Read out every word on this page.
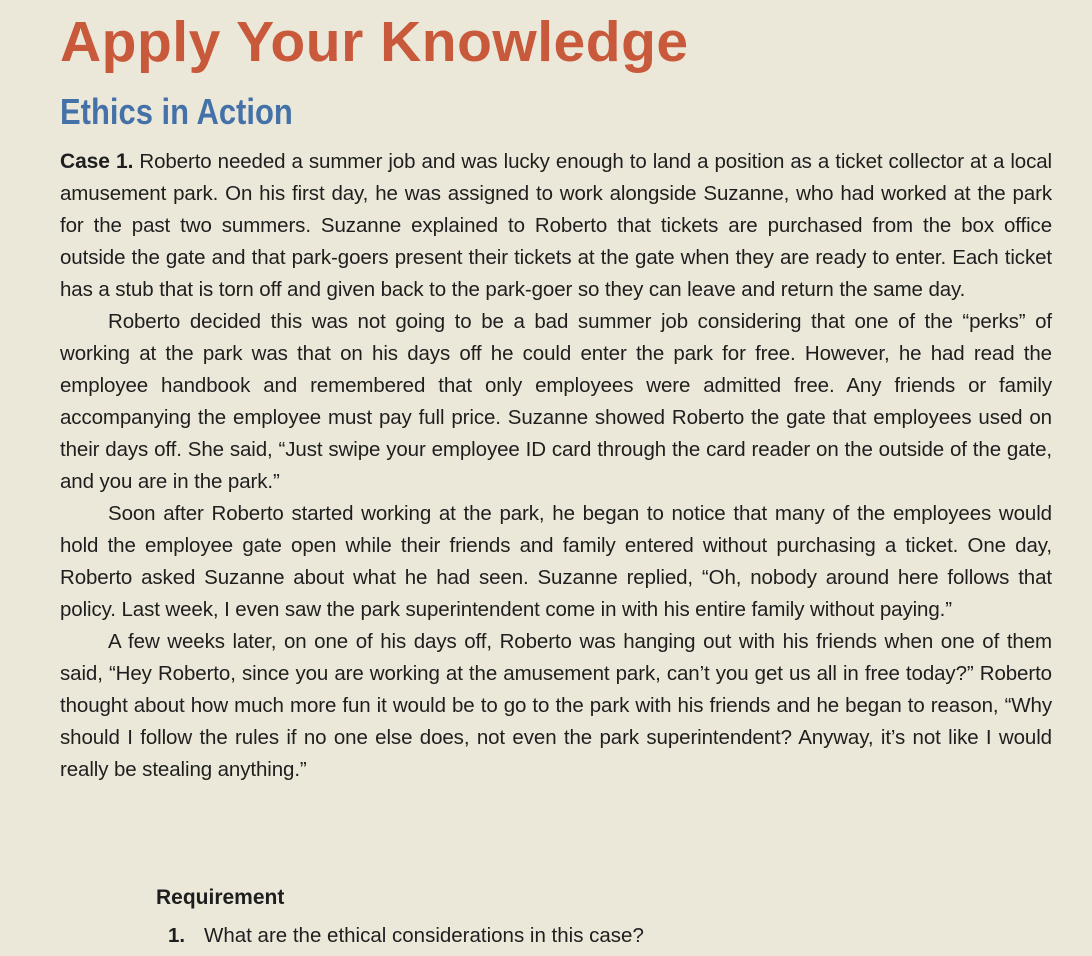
Apply Your Knowledge
Ethics in Action

Case 1. Roberto needed a summer job and was lucky enough to land a position as a ticket collector at a local amusement park. On his first day, he was assigned to work alongside Suzanne, who had worked at the park for the past two summers. Suzanne explained to Roberto that tickets are purchased from the box office outside the gate and that park-goers present their tickets at the gate when they are ready to enter. Each ticket has a stub that is torn off and given back to the park-goer so they can leave and return the same day.

Roberto decided this was not going to be a bad summer job considering that one of the “perks” of working at the park was that on his days off he could enter the park for free. However, he had read the employee handbook and remembered that only employees were admitted free. Any friends or family accompanying the employee must pay full price. Suzanne showed Roberto the gate that employees used on their days off. She said, “Just swipe your employee ID card through the card reader on the outside of the gate, and you are in the park.”

Soon after Roberto started working at the park, he began to notice that many of the employees would hold the employee gate open while their friends and family entered without purchasing a ticket. One day, Roberto asked Suzanne about what he had seen. Suzanne replied, “Oh, nobody around here follows that policy. Last week, I even saw the park superintendent come in with his entire family without paying.”

A few weeks later, on one of his days off, Roberto was hanging out with his friends when one of them said, “Hey Roberto, since you are working at the amusement park, can’t you get us all in free today?” Roberto thought about how much more fun it would be to go to the park with his friends and he began to reason, “Why should I follow the rules if no one else does, not even the park superintendent? Anyway, it’s not like I would really be stealing anything.”

Requirement
1. What are the ethical considerations in this case?
